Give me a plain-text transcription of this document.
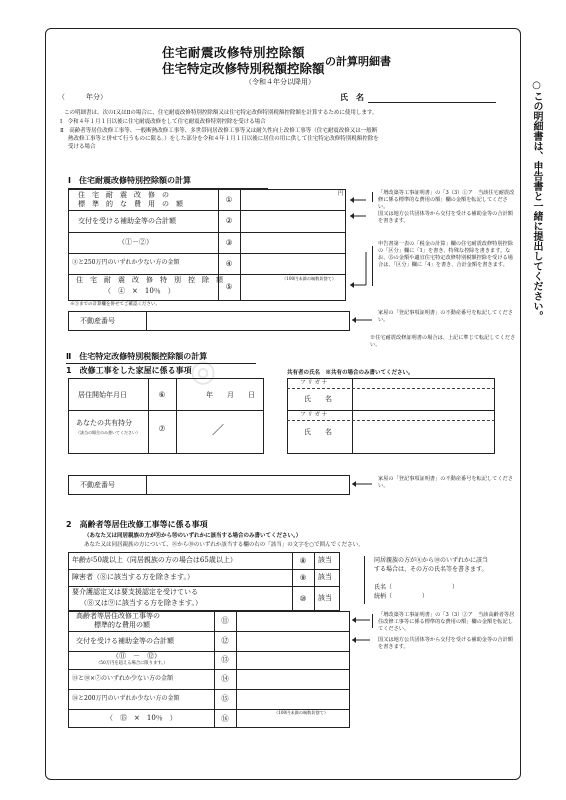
○この明細書は、申告書と一緒に提出してください。
住宅耐震改修特別控除額
住宅特定改修特別税額控除額 の計算明細書
（令和４年分以降用）
（　　　年分）	氏　名
この明細書は、次のⅠ又はⅡの場合に、住宅耐震改修特別控除額又は住宅特定改修特別税額控除額を計算するために使用します。
Ⅰ　令和４年１月１日以後に住宅耐震改修をして住宅耐震改修特別控除を受ける場合
Ⅱ　高齢者等居住改修工事等、一般断熱改修工事等、多世帯同居改修工事等又は耐久性向上改修工事等（住宅耐震改修又は一般断
熱改修工事等と併せて行うものに限る。）をした部分を令和４年１月１日以後に居住の用に供して住宅特定改修特別税額控除を
受ける場合
Ⅰ　住宅耐震改修特別控除額の計算
住　宅　耐　震　改　修　の
標　準　的　な　費　用　の　額	①
円
交付を受ける補助金等の合計額	②
（①－②）	③
③と250万円のいずれか少ない方の金額	④
住　宅　耐　震　改　修　特　別　控　除　額
（　④　×　10％　）	⑤
（100円未満の端数切捨て）
※⑤までの計算欄を併せてご確認ください。
不動産番号
「増改築等工事証明書」の「3（3）①ア　当該住宅耐震改修に係る標準的な費用の額」欄の金額を転記してください。
国又は地方公共団体等から交付を受ける補助金等の合計額を書きます。
申告書第一表の「税金の計算」欄の住宅耐震改修特別控除の「区分」欄に「1」を書き、特殊な控除を書きます。なお、⑮の金額や適宜住宅特定改修特別税額控除を受ける場合は、「区分」欄に「4」を書き、合計金額を書きます。
家屋の「登記事項証明書」の不動産番号を転記してください。
※住宅耐震改修証明書の場合は、上記に準じて転記してください。
◎
Ⅱ　住宅特定改修特別税額控除額の計算
1　改修工事をした家屋に係る事項	共有者の氏名　※共有の場合のみ書いてください。
居住開始年月日	⑥	年　　月　　日
あなたの共有持分
（該当の場合のみ書いてください）	⑦	／
フ リ ガ ナ
氏　　名
フ リ ガ ナ
氏　　名
不動産番号
家屋の「登記事項証明書」の不動産番号を転記してください。
2　高齢者等居住改修工事等に係る事項
（あなた又は同居親族の方が⑧から⑩のいずれかに該当する場合のみ書いてください。）
あなた又は同居親族の方について、⑧から⑩のいずれか該当する欄の右の「該当」の文字を○で囲んでください。
年齢が50歳以上（同居親族の方の場合は65歳以上）	⑧	該当
障害者（⑧に該当する方を除きます。）	⑨	該当
要介護認定又は要支援認定を受けている
（⑧又は⑨に該当する方を除きます。）	⑩	該当
同居親族の方が⑧から⑩のいずれかに該当する場合は、その方の氏名等を書きます。
氏名（　　　　　　　　　　）
続柄（　　　　　）
高齢者等居住改修工事等の
標準的な費用の額	⑪
交付を受ける補助金等の合計額	⑫
（⑪　－　⑫）
（50万円を超える場合に限ります。）	⑬
⑬と⑩×⑦のいずれか少ない方の金額	⑭
⑭と200万円のいずれか少ない方の金額	⑮
（　⑮　×　10％　）	⑯
（100円未満の端数切捨て）
「増改築等工事証明書」の「3（3）②ア　当該高齢者等居住改修工事等に係る標準的な費用の額」欄の金額を転記してください。
国又は地方公共団体等から交付を受ける補助金等の合計額を書きます。
